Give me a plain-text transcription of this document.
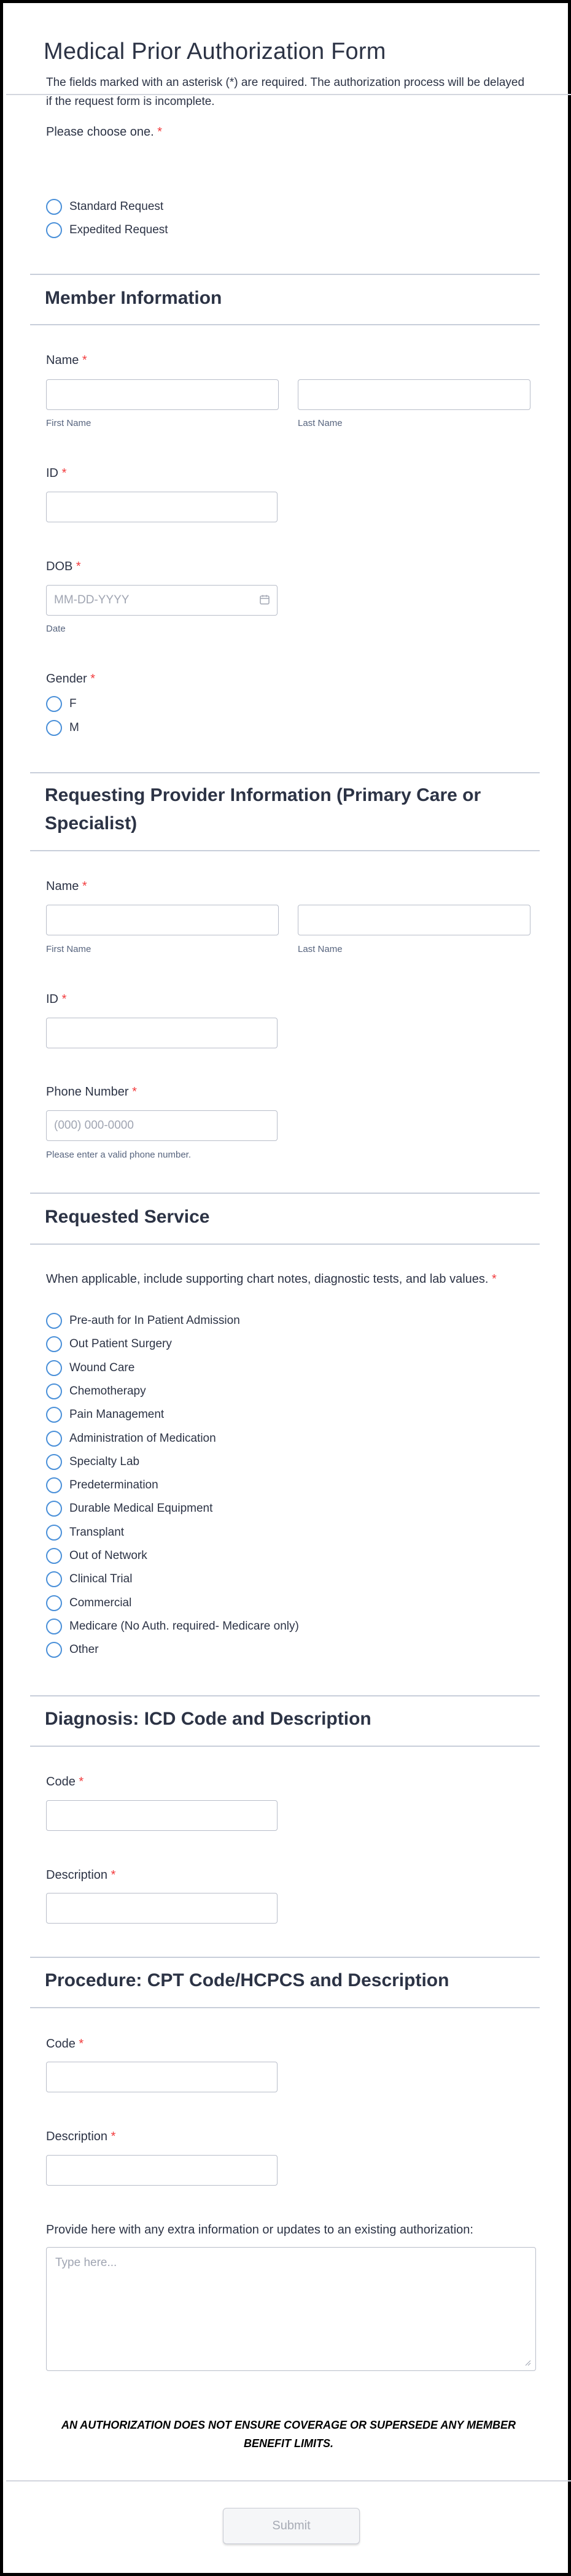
Medical Prior Authorization Form

The fields marked with an asterisk (*) are required. The authorization process will be delayed if the request form is incomplete.

Please choose one. *
Standard Request
Expedited Request
Member Information
Name *
First Name	Last Name
ID *
DOB *
MM-DD-YYYY
Date
Gender *
F
M
Requesting Provider Information (Primary Care or Specialist)
Name *
First Name	Last Name
ID *
Phone Number *
(000) 000-0000
Please enter a valid phone number.
Requested Service
When applicable, include supporting chart notes, diagnostic tests, and lab values. *
Pre-auth for In Patient Admission
Out Patient Surgery
Wound Care
Chemotherapy
Pain Management
Administration of Medication
Specialty Lab
Predetermination
Durable Medical Equipment
Transplant
Out of Network
Clinical Trial
Commercial
Medicare (No Auth. required- Medicare only)
Other
Diagnosis: ICD Code and Description
Code *
Description *
Procedure: CPT Code/HCPCS and Description
Code *
Description *
Provide here with any extra information or updates to an existing authorization:
Type here...

AN AUTHORIZATION DOES NOT ENSURE COVERAGE OR SUPERSEDE ANY MEMBER BENEFIT LIMITS.

Submit
